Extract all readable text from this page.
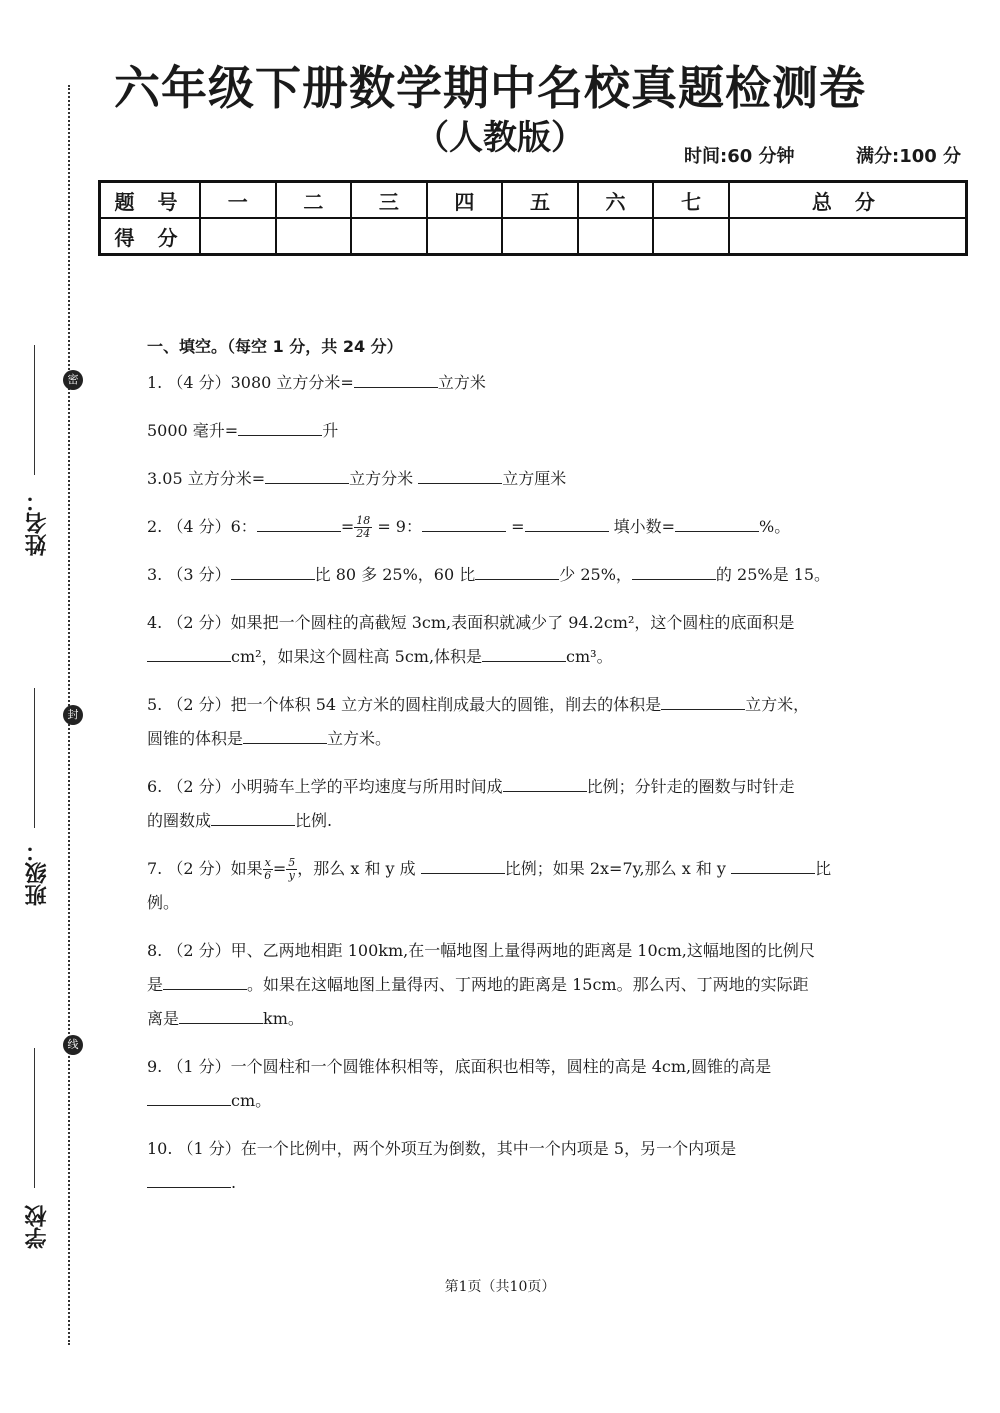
六年级下册数学期中名校真题检测卷
（人教版）	时间:60 分钟	满分:100 分
题 号	一	二	三	四	五	六	七	总 分
得 分								
密
封
线
姓名：
班级：
学校
一、填空。（每空 1 分，共 24 分）
1. （4 分）3080 立方分米=	立方米
5000 毫升=	升
3.05 立方分米=	立方分米	立方厘米
2. （4 分）6：	= $\frac{18}{24} = 9$：	=	填小数=	%。
3. （3 分）	比 80 多 25%，60 比	少 25%，	的 25%是 15。
4. （2 分）如果把一个圆柱的高截短 3cm,表面积就减少了 94.2cm²，这个圆柱的底面积是
cm²，如果这个圆柱高 5cm,体积是	cm³。
5. （2 分）把一个体积 54 立方米的圆柱削成最大的圆锥，削去的体积是	立方米，
圆锥的体积是	立方米。
6. （2 分）小明骑车上学的平均速度与所用时间成	比例；分针走的圈数与时针走
的圈数成	比例.
7. （2 分）如果 $\frac{x}{6} = \frac{5}{y}$ ，那么 x 和 y 成	比例；如果 2x=7y,那么 x 和 y	比
例。
8. （2 分）甲、乙两地相距 100km,在一幅地图上量得两地的距离是 10cm,这幅地图的比例尺
是	。如果在这幅地图上量得丙、丁两地的距离是 15cm。那么丙、丁两地的实际距
离是	km。
9. （1 分）一个圆柱和一个圆锥体积相等，底面积也相等，圆柱的高是 4cm,圆锥的高是
cm。
10. （1 分）在一个比例中，两个外项互为倒数，其中一个内项是 5，另一个内项是
.
第1页（共10页）
